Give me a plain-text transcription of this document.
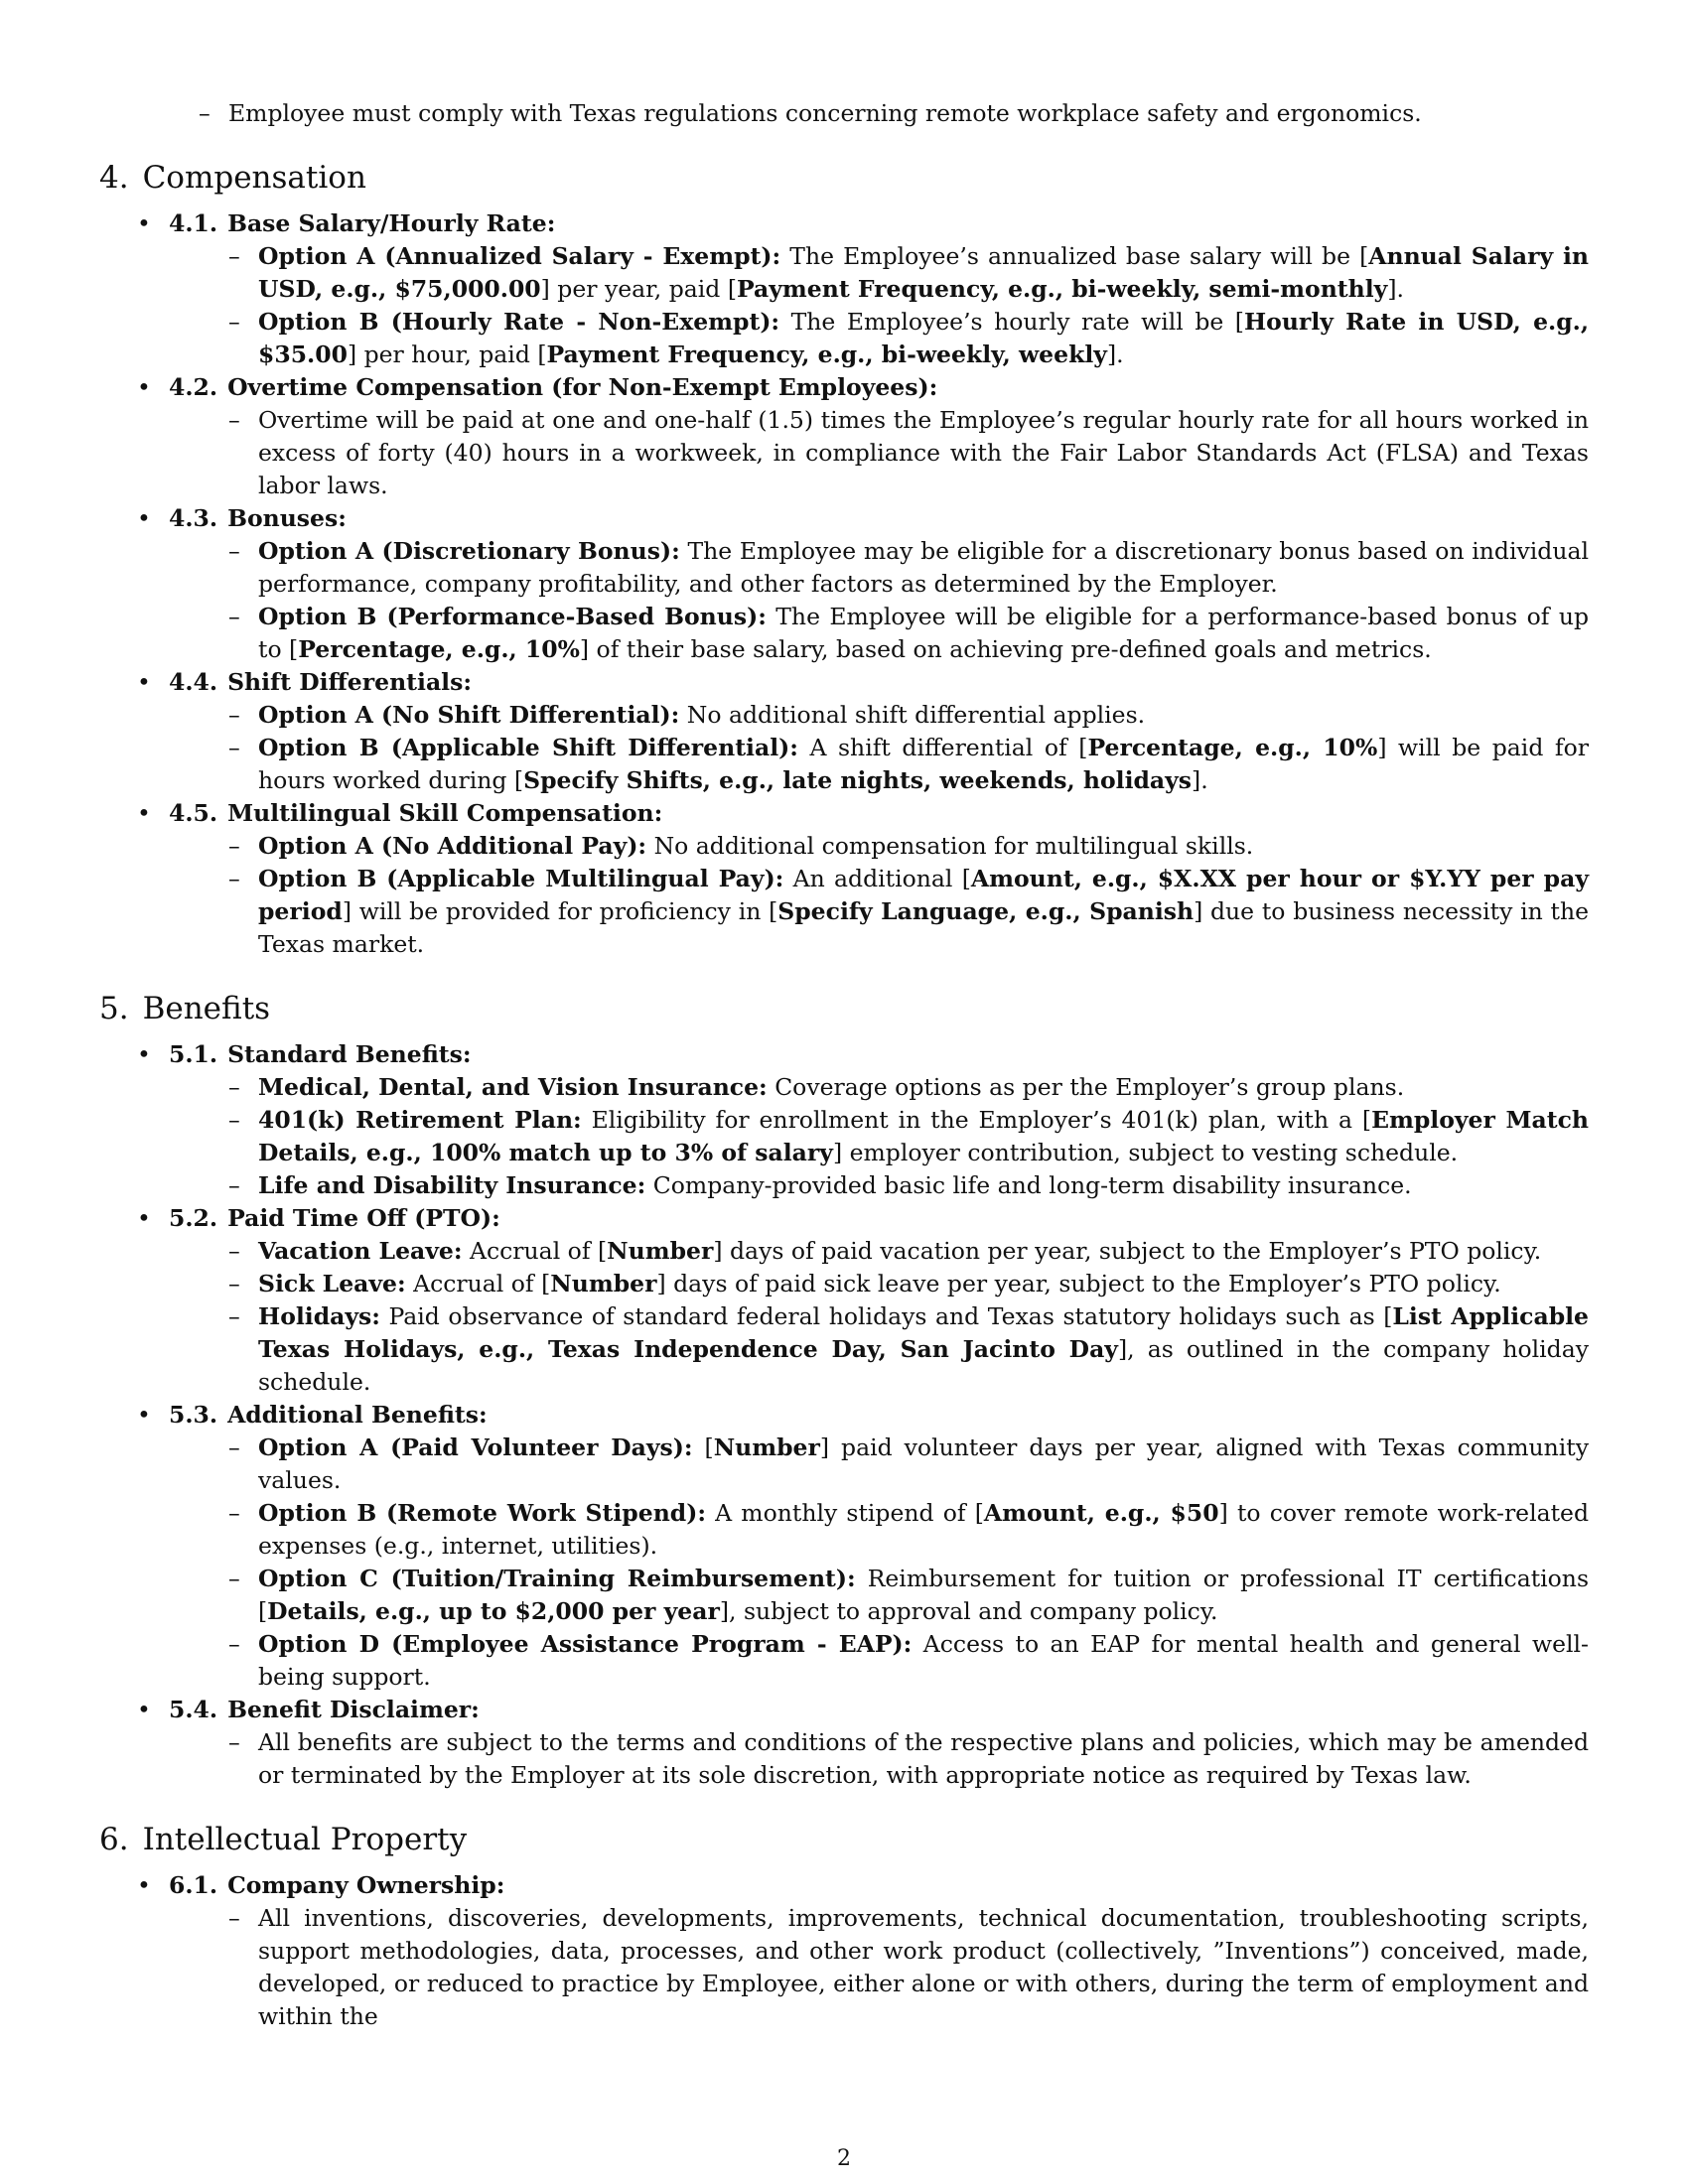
– Employee must comply with Texas regulations concerning remote workplace safety and ergonomics.
4. Compensation
• 4.1. Base Salary/Hourly Rate:
– Option A (Annualized Salary - Exempt): The Employee’s annualized base salary will be [Annual Salary in USD, e.g., $75,000.00] per year, paid [Payment Frequency, e.g., bi-weekly, semi-monthly].
– Option B (Hourly Rate - Non-Exempt): The Employee’s hourly rate will be [Hourly Rate in USD, e.g., $35.00] per hour, paid [Payment Frequency, e.g., bi-weekly, weekly].
• 4.2. Overtime Compensation (for Non-Exempt Employees):
– Overtime will be paid at one and one-half (1.5) times the Employee’s regular hourly rate for all hours worked in excess of forty (40) hours in a workweek, in compliance with the Fair Labor Standards Act (FLSA) and Texas labor laws.
• 4.3. Bonuses:
– Option A (Discretionary Bonus): The Employee may be eligible for a discretionary bonus based on individual performance, company profitability, and other factors as determined by the Employer.
– Option B (Performance-Based Bonus): The Employee will be eligible for a performance-based bonus of up to [Percentage, e.g., 10%] of their base salary, based on achieving pre-defined goals and metrics.
• 4.4. Shift Differentials:
– Option A (No Shift Differential): No additional shift differential applies.
– Option B (Applicable Shift Differential): A shift differential of [Percentage, e.g., 10%] will be paid for hours worked during [Specify Shifts, e.g., late nights, weekends, holidays].
• 4.5. Multilingual Skill Compensation:
– Option A (No Additional Pay): No additional compensation for multilingual skills.
– Option B (Applicable Multilingual Pay): An additional [Amount, e.g., $X.XX per hour or $Y.YY per pay period] will be provided for proficiency in [Specify Language, e.g., Spanish] due to business necessity in the Texas market.
5. Benefits
• 5.1. Standard Benefits:
– Medical, Dental, and Vision Insurance: Coverage options as per the Employer’s group plans.
– 401(k) Retirement Plan: Eligibility for enrollment in the Employer’s 401(k) plan, with a [Employer Match Details, e.g., 100% match up to 3% of salary] employer contribution, subject to vesting schedule.
– Life and Disability Insurance: Company-provided basic life and long-term disability insurance.
• 5.2. Paid Time Off (PTO):
– Vacation Leave: Accrual of [Number] days of paid vacation per year, subject to the Employer’s PTO policy.
– Sick Leave: Accrual of [Number] days of paid sick leave per year, subject to the Employer’s PTO policy.
– Holidays: Paid observance of standard federal holidays and Texas statutory holidays such as [List Applicable Texas Holidays, e.g., Texas Independence Day, San Jacinto Day], as outlined in the company holiday schedule.
• 5.3. Additional Benefits:
– Option A (Paid Volunteer Days): [Number] paid volunteer days per year, aligned with Texas community values.
– Option B (Remote Work Stipend): A monthly stipend of [Amount, e.g., $50] to cover remote work-related expenses (e.g., internet, utilities).
– Option C (Tuition/Training Reimbursement): Reimbursement for tuition or professional IT certifications [Details, e.g., up to $2,000 per year], subject to approval and company policy.
– Option D (Employee Assistance Program - EAP): Access to an EAP for mental health and general well-being support.
• 5.4. Benefit Disclaimer:
– All benefits are subject to the terms and conditions of the respective plans and policies, which may be amended or terminated by the Employer at its sole discretion, with appropriate notice as required by Texas law.
6. Intellectual Property
• 6.1. Company Ownership:
– All inventions, discoveries, developments, improvements, technical documentation, troubleshooting scripts, support methodologies, data, processes, and other work product (collectively, ”Inventions”) conceived, made, developed, or reduced to practice by Employee, either alone or with others, during the term of employment and within the
2
